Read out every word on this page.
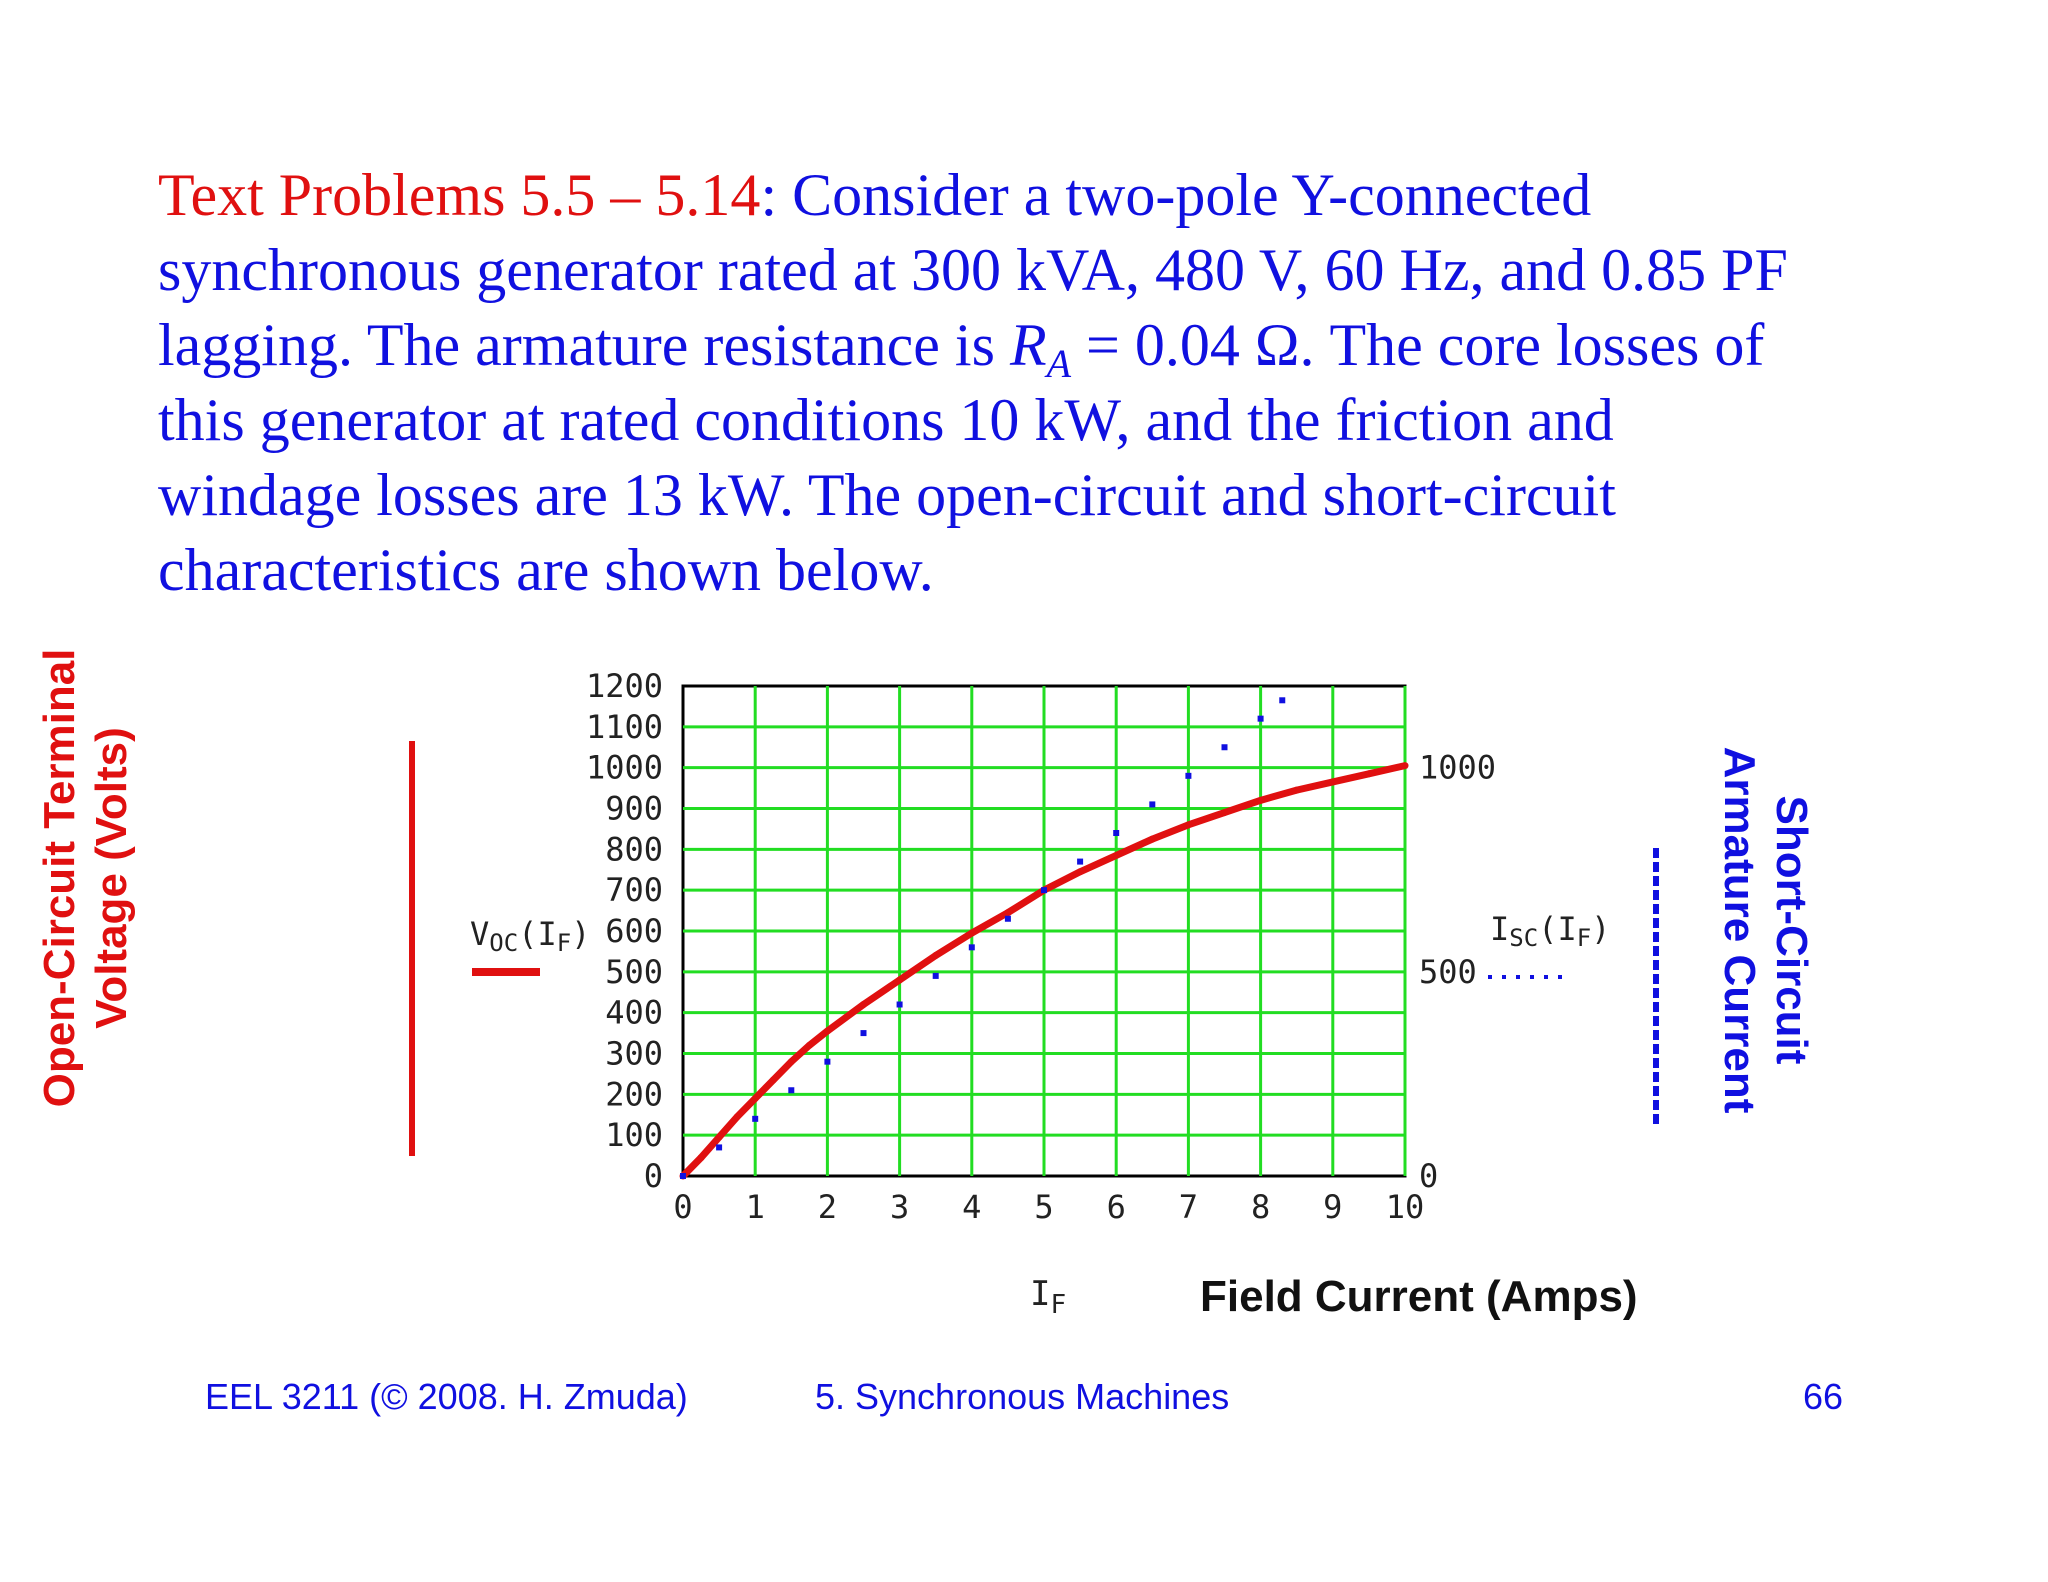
Text Problems 5.5 – 5.14: Consider a two-pole Y-connected
synchronous generator rated at 300 kVA, 480 V, 60 Hz, and 0.85 PF
lagging. The armature resistance is $R_A = 0.04$ Ω. The core losses of
this generator at rated conditions 10 kW, and the friction and
windage losses are 13 kW. The open-circuit and short-circuit
characteristics are shown below.
Open-Circuit Terminal Voltage (Volts)	Short-Circuit
Armature Current
0
100
200
300
400
500
600
700
800
900
1000
1100
1200
0
500
1000
0 1 2 3 4 5 6 7 8 9 10
VOC(IF)	ISC(IF)
$I_F$	Field Current (Amps)
EEL 3211 (© 2008. H. Zmuda)	5. Synchronous Machines	66
